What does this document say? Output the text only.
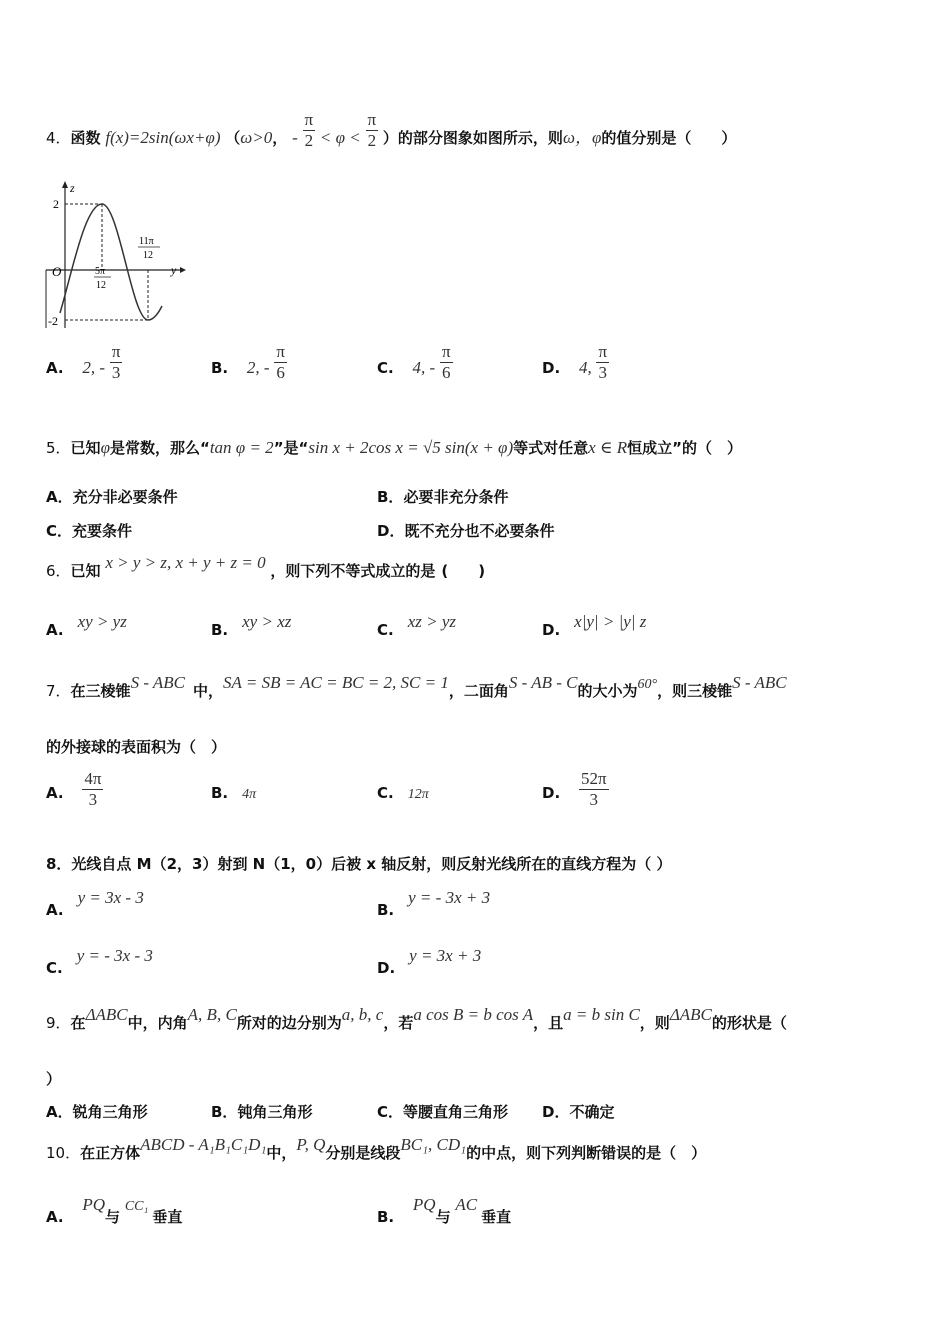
4．函数 f(x)=2sin(ωx+φ) （ω>0， - $\frac{\pi}{2} < \varphi < \frac{\pi}{2}$ ）的部分图象如图所示，则ω，φ的值分别是（　　）
z
y
O
2
-2
5π
12
11π
12
A. 2, - $\frac{\pi}{3}$	B. 2, - $\frac{\pi}{6}$	C. 4, - $\frac{\pi}{6}$	D. 4, $\frac{\pi}{3}$
5．已知φ是常数，那么“tan φ = 2”是“sin x + 2cos x = √5 sin(x + φ)等式对任意x ∈ R恒成立”的（　）
A．充分非必要条件	B．必要非充分条件
C．充要条件	D．既不充分也不必要条件
6．已知 x > y > z, x + y + z = 0 ，则下列不等式成立的是 (　　)
A. xy > yz	B. xy > xz	C. xz > yz	D. x|y| > |y| z
7．在三棱锥S - ABC 中，SA = SB = AC = BC = 2, SC = 1，二面角S - AB - C的大小为60°，则三棱锥S - ABC
的外接球的表面积为（　）
A. $\frac{4\pi}{3}$	B. 4π	C. 12π	D. $\frac{52\pi}{3}$
8．光线自点 M（2，3）射到 N（1，0）后被 x 轴反射，则反射光线所在的直线方程为（ ）
A.y = 3x - 3
B.y = - 3x + 3
C.y = - 3x - 3
D.y = 3x + 3
9．在ΔABC中，内角A, B, C所对的边分别为a, b, c，若a cos B = b cos A，且a = b sin C，则ΔABC的形状是（
）
A．锐角三角形	B．钝角三角形	C．等腰直角三角形 D．不确定
10．在正方体ABCD - A₁B₁C₁D₁中，P, Q分别是线段BC₁, CD₁的中点，则下列判断错误的是（　）
A. PQ与 CC₁垂直	B. PQ与 AC垂直
